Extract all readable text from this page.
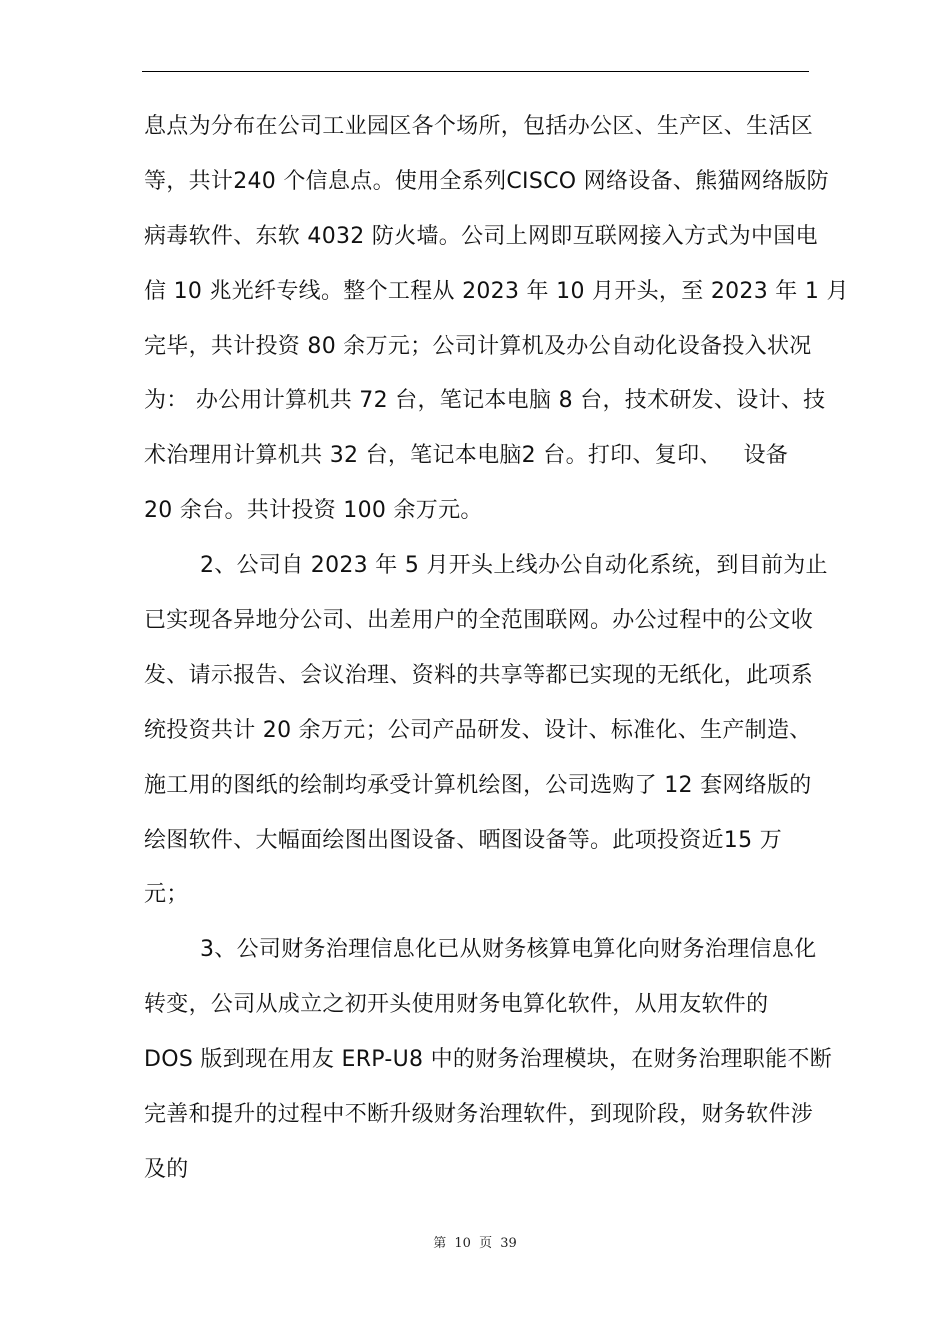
息点为分布在公司工业园区各个场所，包括办公区、生产区、生活区
等，共计240 个信息点。使用全系列CISCO 网络设备、熊猫网络版防
病毒软件、东软 4032 防火墙。公司上网即互联网接入方式为中国电
信 10 兆光纤专线。整个工程从 2023 年 10 月开头，至 2023 年 1 月
完毕，共计投资 80 余万元；公司计算机及办公自动化设备投入状况
为： 办公用计算机共 72 台，笔记本电脑 8 台，技术研发、设计、技
术治理用计算机共 32 台，笔记本电脑2 台。打印、复印、   设备
20 余台。共计投资 100 余万元。
2、公司自 2023 年 5 月开头上线办公自动化系统，到目前为止
已实现各异地分公司、出差用户的全范围联网。办公过程中的公文收
发、请示报告、会议治理、资料的共享等都已实现的无纸化，此项系
统投资共计 20 余万元；公司产品研发、设计、标准化、生产制造、
施工用的图纸的绘制均承受计算机绘图，公司选购了 12 套网络版的
绘图软件、大幅面绘图出图设备、晒图设备等。此项投资近15 万
元；
3、公司财务治理信息化已从财务核算电算化向财务治理信息化
转变，公司从成立之初开头使用财务电算化软件，从用友软件的
DOS 版到现在用友 ERP-U8 中的财务治理模块，在财务治理职能不断
完善和提升的过程中不断升级财务治理软件，到现阶段，财务软件涉
及的
第 10 页 39
